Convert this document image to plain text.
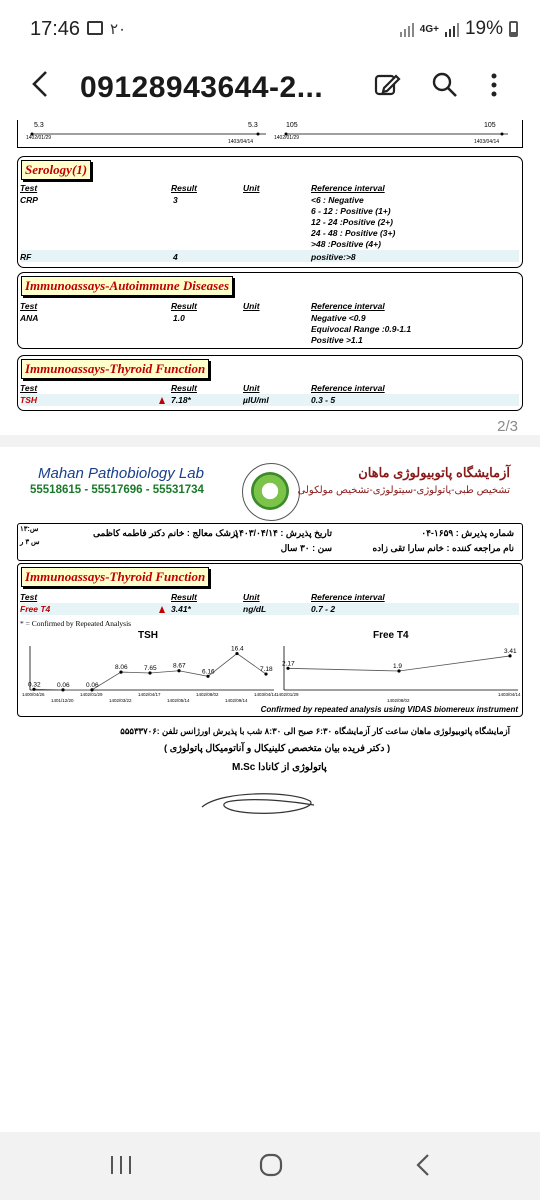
17:46 ۲۰	4G+ 19%
09128943644-2...
5.3	5.3	105	105
1402/01/29
1403/04/14
1402/01/29
1403/04/14
Serology(1)
Test	Result	Unit	Reference interval
CRP	3	<6 : Negative
6 - 12 : Positive (1+)
12 - 24 :Positive (2+)
24 - 48 : Positive (3+)
>48 :Positive (4+)
RF	4	positive:>8
Immunoassays-Autoimmune Diseases
Test	Result	Unit	Reference interval
ANA	1.0	Negative <0.9
Equivocal Range :0.9-1.1
Positive >1.1
Immunoassays-Thyroid Function
Test	Result	Unit	Reference interval
TSH	7.18*	µIU/ml	0.3 - 5
2/3
Mahan Pathobiology Lab
55518615 - 55517696 - 55531734
آزمایشگاه پاتوبیولوژی ماهان
تشخیص طبی-پاتولوژی-سیتولوژی-تشخیص مولکولی
شماره پذیرش : ۱۶۵۹-۰۴
نام مراجعه کننده : خانم سارا تقی زاده
تاریخ پذیرش : ۱۴۰۳/۰۴/۱۴
سن : ۳۰ سال
پزشک معالج : خانم دکتر فاطمه کاظمی
س:۱۳
س ۳ ر
Immunoassays-Thyroid Function
Test	Result	Unit	Reference interval
Free T4	3.41*	ng/dL	0.7 - 2
* = Confirmed by Repeated Analysis
TSH	Free T4
0.32
1400/04/26
0.06
1401/12/20
0.06
1402/01/29
8.06
1402/03/22
7.65
1402/04/17
8.67
1402/05/14
6.16
1402/08/02
16.4
1402/09/14
7.18
1403/04/14
2.17
1402/01/29
1.9
1402/08/02
3.41
1403/04/14
Confirmed by repeated analysis using VIDAS biomereux instrument
آزمایشگاه پاتوبیولوژی ماهان ساعت کار آزمایشگاه ۶:۳۰ صبح الی ۸:۳۰ شب با پذیرش اورژانس تلفن :۵۵۵۳۳۷۰۶
( دکتر فریده بیان متخصص کلینیکال و آناتومیکال پاتولوژی )
پاتولوژی از کانادا M.Sc
